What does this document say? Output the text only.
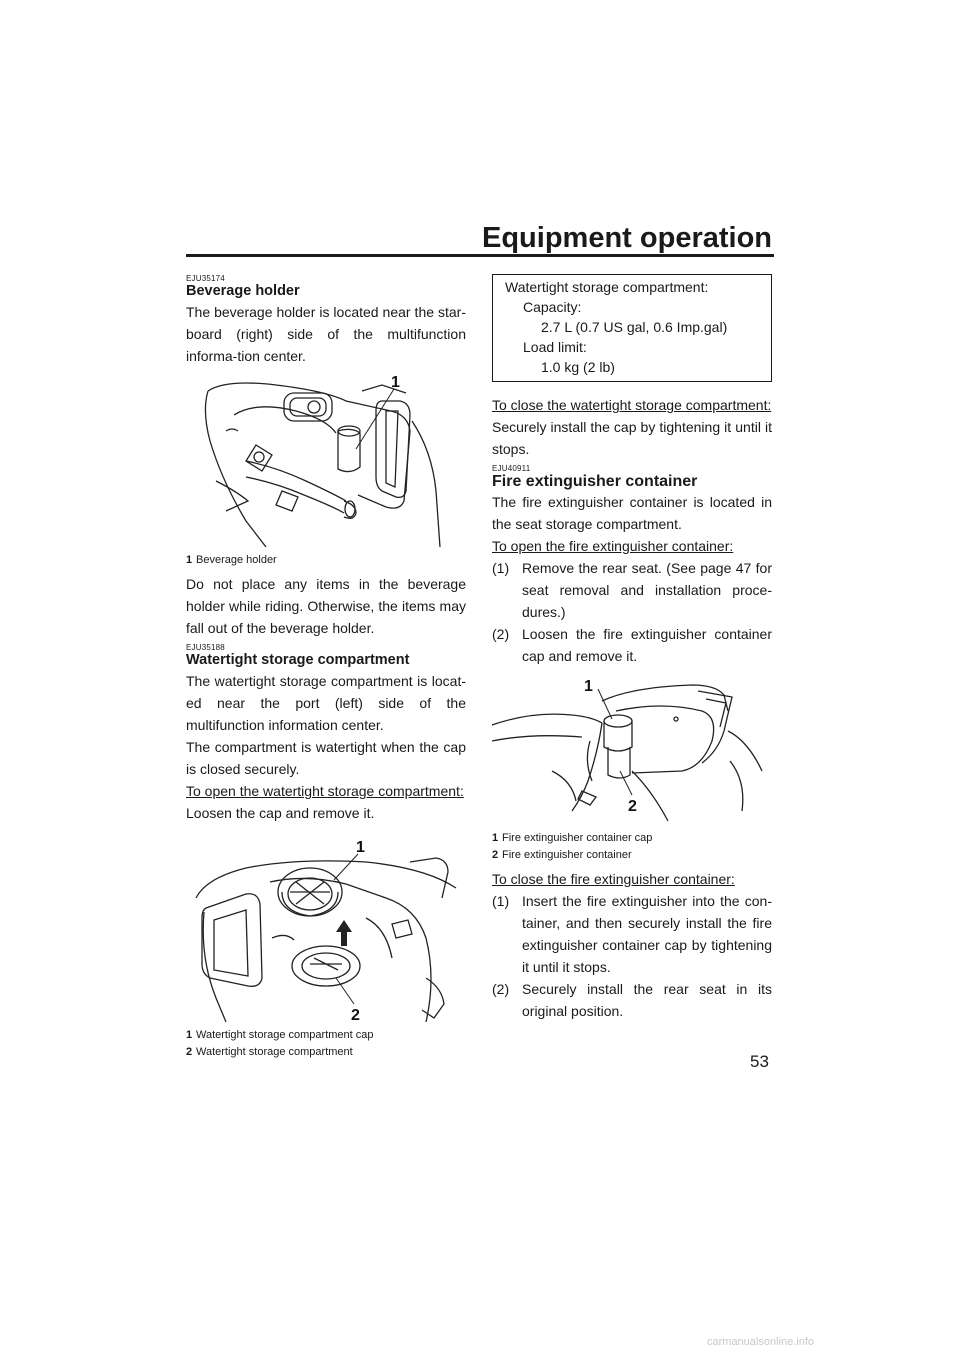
Equipment operation

EJU35174

Beverage holder

The beverage holder is located near the star-board (right) side of the multifunction informa-tion center.

1

1 Beverage holder

Do not place any items in the beverage holder while riding. Otherwise, the items may fall out of the beverage holder.

EJU35188

Watertight storage compartment

The watertight storage compartment is locat-ed near the port (left) side of the multifunction information center.

The compartment is watertight when the cap is closed securely.

To open the watertight storage compartment:

Loosen the cap and remove it.

1
2

1 Watertight storage compartment cap

2 Watertight storage compartment

Watertight storage compartment:
Capacity:
2.7 L (0.7 US gal, 0.6 Imp.gal)
Load limit:
1.0 kg (2 lb)

To close the watertight storage compartment:

Securely install the cap by tightening it until it stops.

EJU40911

Fire extinguisher container

The fire extinguisher container is located in the seat storage compartment.

To open the fire extinguisher container:

(1) Remove the rear seat. (See page 47 for seat removal and installation proce-dures.)
(2) Loosen the fire extinguisher container cap and remove it.
1
2

1 Fire extinguisher container cap

2 Fire extinguisher container

To close the fire extinguisher container:

(1) Insert the fire extinguisher into the con-tainer, and then securely install the fire extinguisher container cap by tightening it until it stops.
(2) Securely install the rear seat in its original position.
53
carmanualsonline.info
